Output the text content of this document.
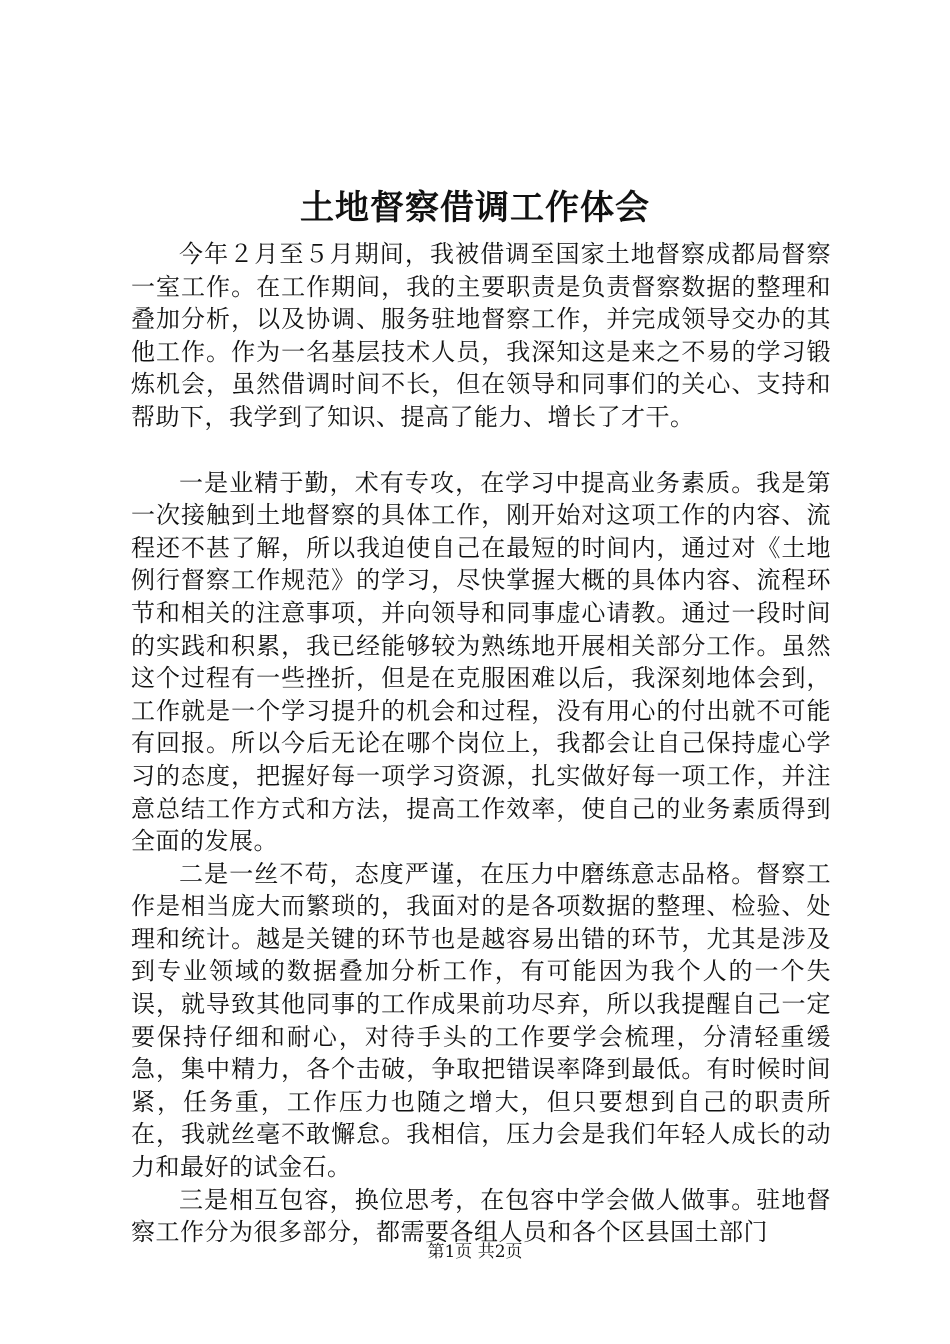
土地督察借调工作体会

今年２月至５月期间，我被借调至国家土地督察成都局督察一室工作。在工作期间，我的主要职责是负责督察数据的整理和叠加分析，以及协调、服务驻地督察工作，并完成领导交办的其他工作。作为一名基层技术人员，我深知这是来之不易的学习锻炼机会，虽然借调时间不长，但在领导和同事们的关心、支持和帮助下，我学到了知识、提高了能力、增长了才干。

一是业精于勤，术有专攻，在学习中提高业务素质。我是第一次接触到土地督察的具体工作，刚开始对这项工作的内容、流程还不甚了解，所以我迫使自己在最短的时间内，通过对《土地例行督察工作规范》的学习，尽快掌握大概的具体内容、流程环节和相关的注意事项，并向领导和同事虚心请教。通过一段时间的实践和积累，我已经能够较为熟练地开展相关部分工作。虽然这个过程有一些挫折，但是在克服困难以后，我深刻地体会到，工作就是一个学习提升的机会和过程，没有用心的付出就不可能有回报。所以今后无论在哪个岗位上，我都会让自己保持虚心学习的态度，把握好每一项学习资源，扎实做好每一项工作，并注意总结工作方式和方法，提高工作效率，使自己的业务素质得到全面的发展。

二是一丝不苟，态度严谨，在压力中磨练意志品格。督察工作是相当庞大而繁琐的，我面对的是各项数据的整理、检验、处理和统计。越是关键的环节也是越容易出错的环节，尤其是涉及到专业领域的数据叠加分析工作，有可能因为我个人的一个失误，就导致其他同事的工作成果前功尽弃，所以我提醒自己一定要保持仔细和耐心，对待手头的工作要学会梳理，分清轻重缓急，集中精力，各个击破，争取把错误率降到最低。有时候时间紧，任务重，工作压力也随之增大，但只要想到自己的职责所在，我就丝毫不敢懈怠。我相信，压力会是我们年轻人成长的动力和最好的试金石。

三是相互包容，换位思考，在包容中学会做人做事。驻地督察工作分为很多部分，都需要各组人员和各个区县国土部门

第1页 共2页
